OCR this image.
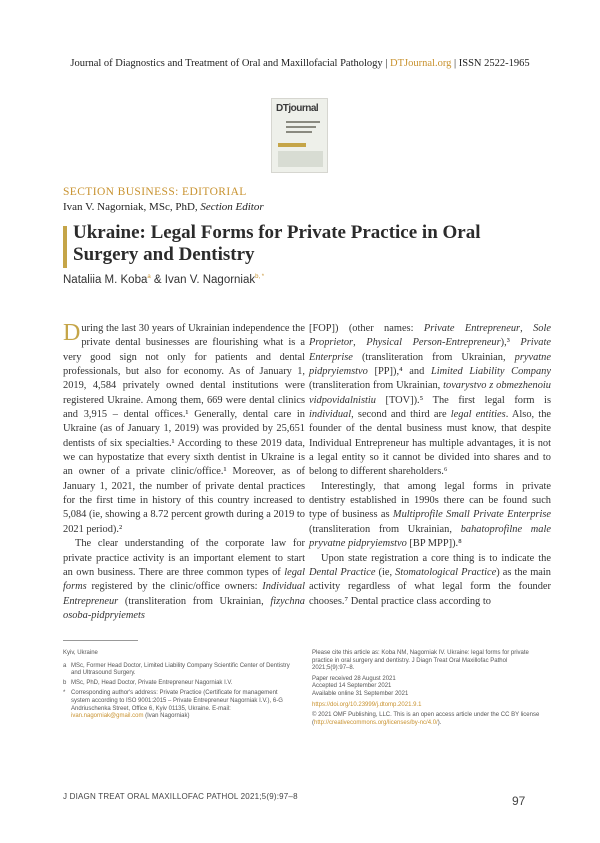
Journal of Diagnostics and Treatment of Oral and Maxillofacial Pathology | DTJournal.org | ISSN 2522-1965
DTjournal
SECTION BUSINESS: EDITORIAL
Ivan V. Nagorniak, MSc, PhD, Section Editor
Ukraine: Legal Forms for Private Practice in Oral Surgery and Dentistry
Nataliia M. Koba$^a$ & Ivan V. Nagorniak$^{b, *}$

During the last 30 years of Ukrainian independence the private dental businesses are flourishing what is a very good sign not only for patients and dental professionals, but also for economy. As of January 1, 2019, 4,584 privately owned dental institutions were registered Ukraine. Among them, 669 were dental clinics and 3,915 – dental offices.¹ Generally, dental care in Ukraine (as of January 1, 2019) was provided by 25,651 dentists of six specialties.¹ According to these 2019 data, we can hypostatize that every sixth dentist in Ukraine is an owner of a private clinic/office.¹ Moreover, as of January 1, 2021, the number of private dental practices for the first time in history of this country increased to 5,084 (ie, showing a 8.72 percent growth during a 2019 to 2021 period).²

The clear understanding of the corporate law for private practice activity is an important element to start an own business. There are three common types of legal forms registered by the clinic/office owners: Individual Entrepreneur (transliteration from Ukrainian, fizychna osoba-pidpryiemets

[FOP]) (other names: Private Entrepreneur, Sole Proprietor, Physical Person-Entrepreneur),³ Private Enterprise (transliteration from Ukrainian, pryvatne pidpryiemstvo [PP]),⁴ and Limited Liability Company (transliteration from Ukrainian, tovarystvo z obmezhenoiu vidpovidalnistiu [TOV]).⁵ The first legal form is individual, second and third are legal entities. Also, the founder of the dental business must know, that despite Individual Entrepreneur has multiple advantages, it is not a legal entity so it cannot be divided into shares and to belong to different shareholders.⁶

Interestingly, that among legal forms in private dentistry established in 1990s there can be found such type of business as Multiprofile Small Private Enterprise (transliteration from Ukrainian, bahatoprofilne male pryvatne pidpryiemstvo [BP MPP]).⁸

Upon state registration a core thing is to indicate the Dental Practice (ie, Stomatological Practice) as the main activity regardless of what legal form the founder chooses.⁷ Dental practice class according to

Kyiv, Ukraine
a MSc, Former Head Doctor, Limited Liability Company Scientific Center of Dentistry and Ultrasound Surgery.
b MSc, PhD, Head Doctor, Private Entrepreneur Nagorniak I.V.
* Corresponding author's address: Private Practice (Certificate for management system according to ISO 9001:2015 – Private Entrepreneur Nagorniak I.V.), 6-G Andriuschenka Street, Office 6, Kyiv 01135, Ukraine. E-mail: ivan.nagorniak@gmail.com (Ivan Nagorniak)
Please cite this article as: Koba NM, Nagorniak IV. Ukraine: legal forms for private practice in oral surgery and dentistry. J Diagn Treat Oral Maxillofac Pathol 2021;5(9):97–8.
Paper received 28 August 2021
Accepted 14 September 2021
Available online 31 September 2021
https://doi.org/10.23999/j.dtomp.2021.9.1
© 2021 OMF Publishing, LLC. This is an open access article under the CC BY license (http://creativecommons.org/licenses/by-nc/4.0/).
J DIAGN TREAT ORAL MAXILLOFAC PATHOL 2021;5(9):97–8	97
